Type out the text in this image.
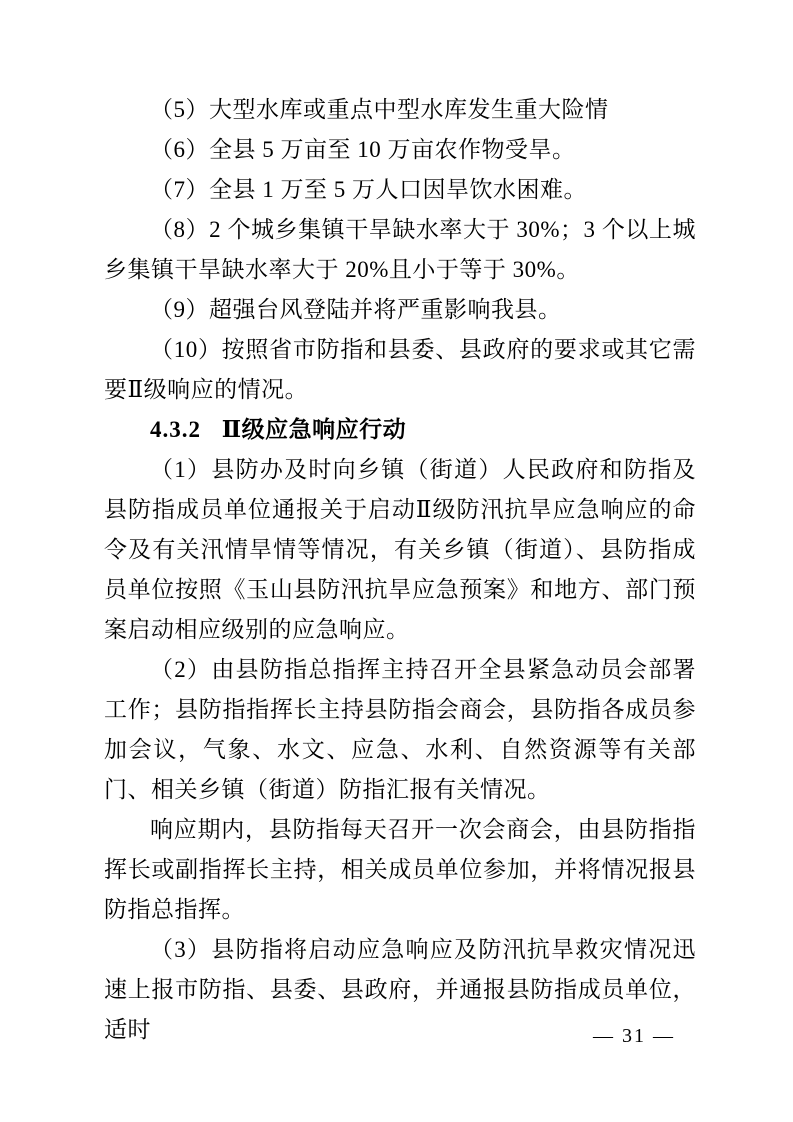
（5）大型水库或重点中型水库发生重大险情

（6）全县 5 万亩至 10 万亩农作物受旱。

（7）全县 1 万至 5 万人口因旱饮水困难。

（8）2 个城乡集镇干旱缺水率大于 30%；3 个以上城乡集镇干旱缺水率大于 20%且小于等于 30%。

（9）超强台风登陆并将严重影响我县。

（10）按照省市防指和县委、县政府的要求或其它需要Ⅱ级响应的情况。

4.3.2 Ⅱ级应急响应行动

（1）县防办及时向乡镇（街道）人民政府和防指及县防指成员单位通报关于启动Ⅱ级防汛抗旱应急响应的命令及有关汛情旱情等情况，有关乡镇（街道）、县防指成员单位按照《玉山县防汛抗旱应急预案》和地方、部门预案启动相应级别的应急响应。

（2）由县防指总指挥主持召开全县紧急动员会部署工作；县防指指挥长主持县防指会商会，县防指各成员参加会议，气象、水文、应急、水利、自然资源等有关部门、相关乡镇（街道）防指汇报有关情况。

响应期内，县防指每天召开一次会商会，由县防指指挥长或副指挥长主持，相关成员单位参加，并将情况报县防指总指挥。

（3）县防指将启动应急响应及防汛抗旱救灾情况迅速上报市防指、县委、县政府，并通报县防指成员单位，适时	— 31 —
